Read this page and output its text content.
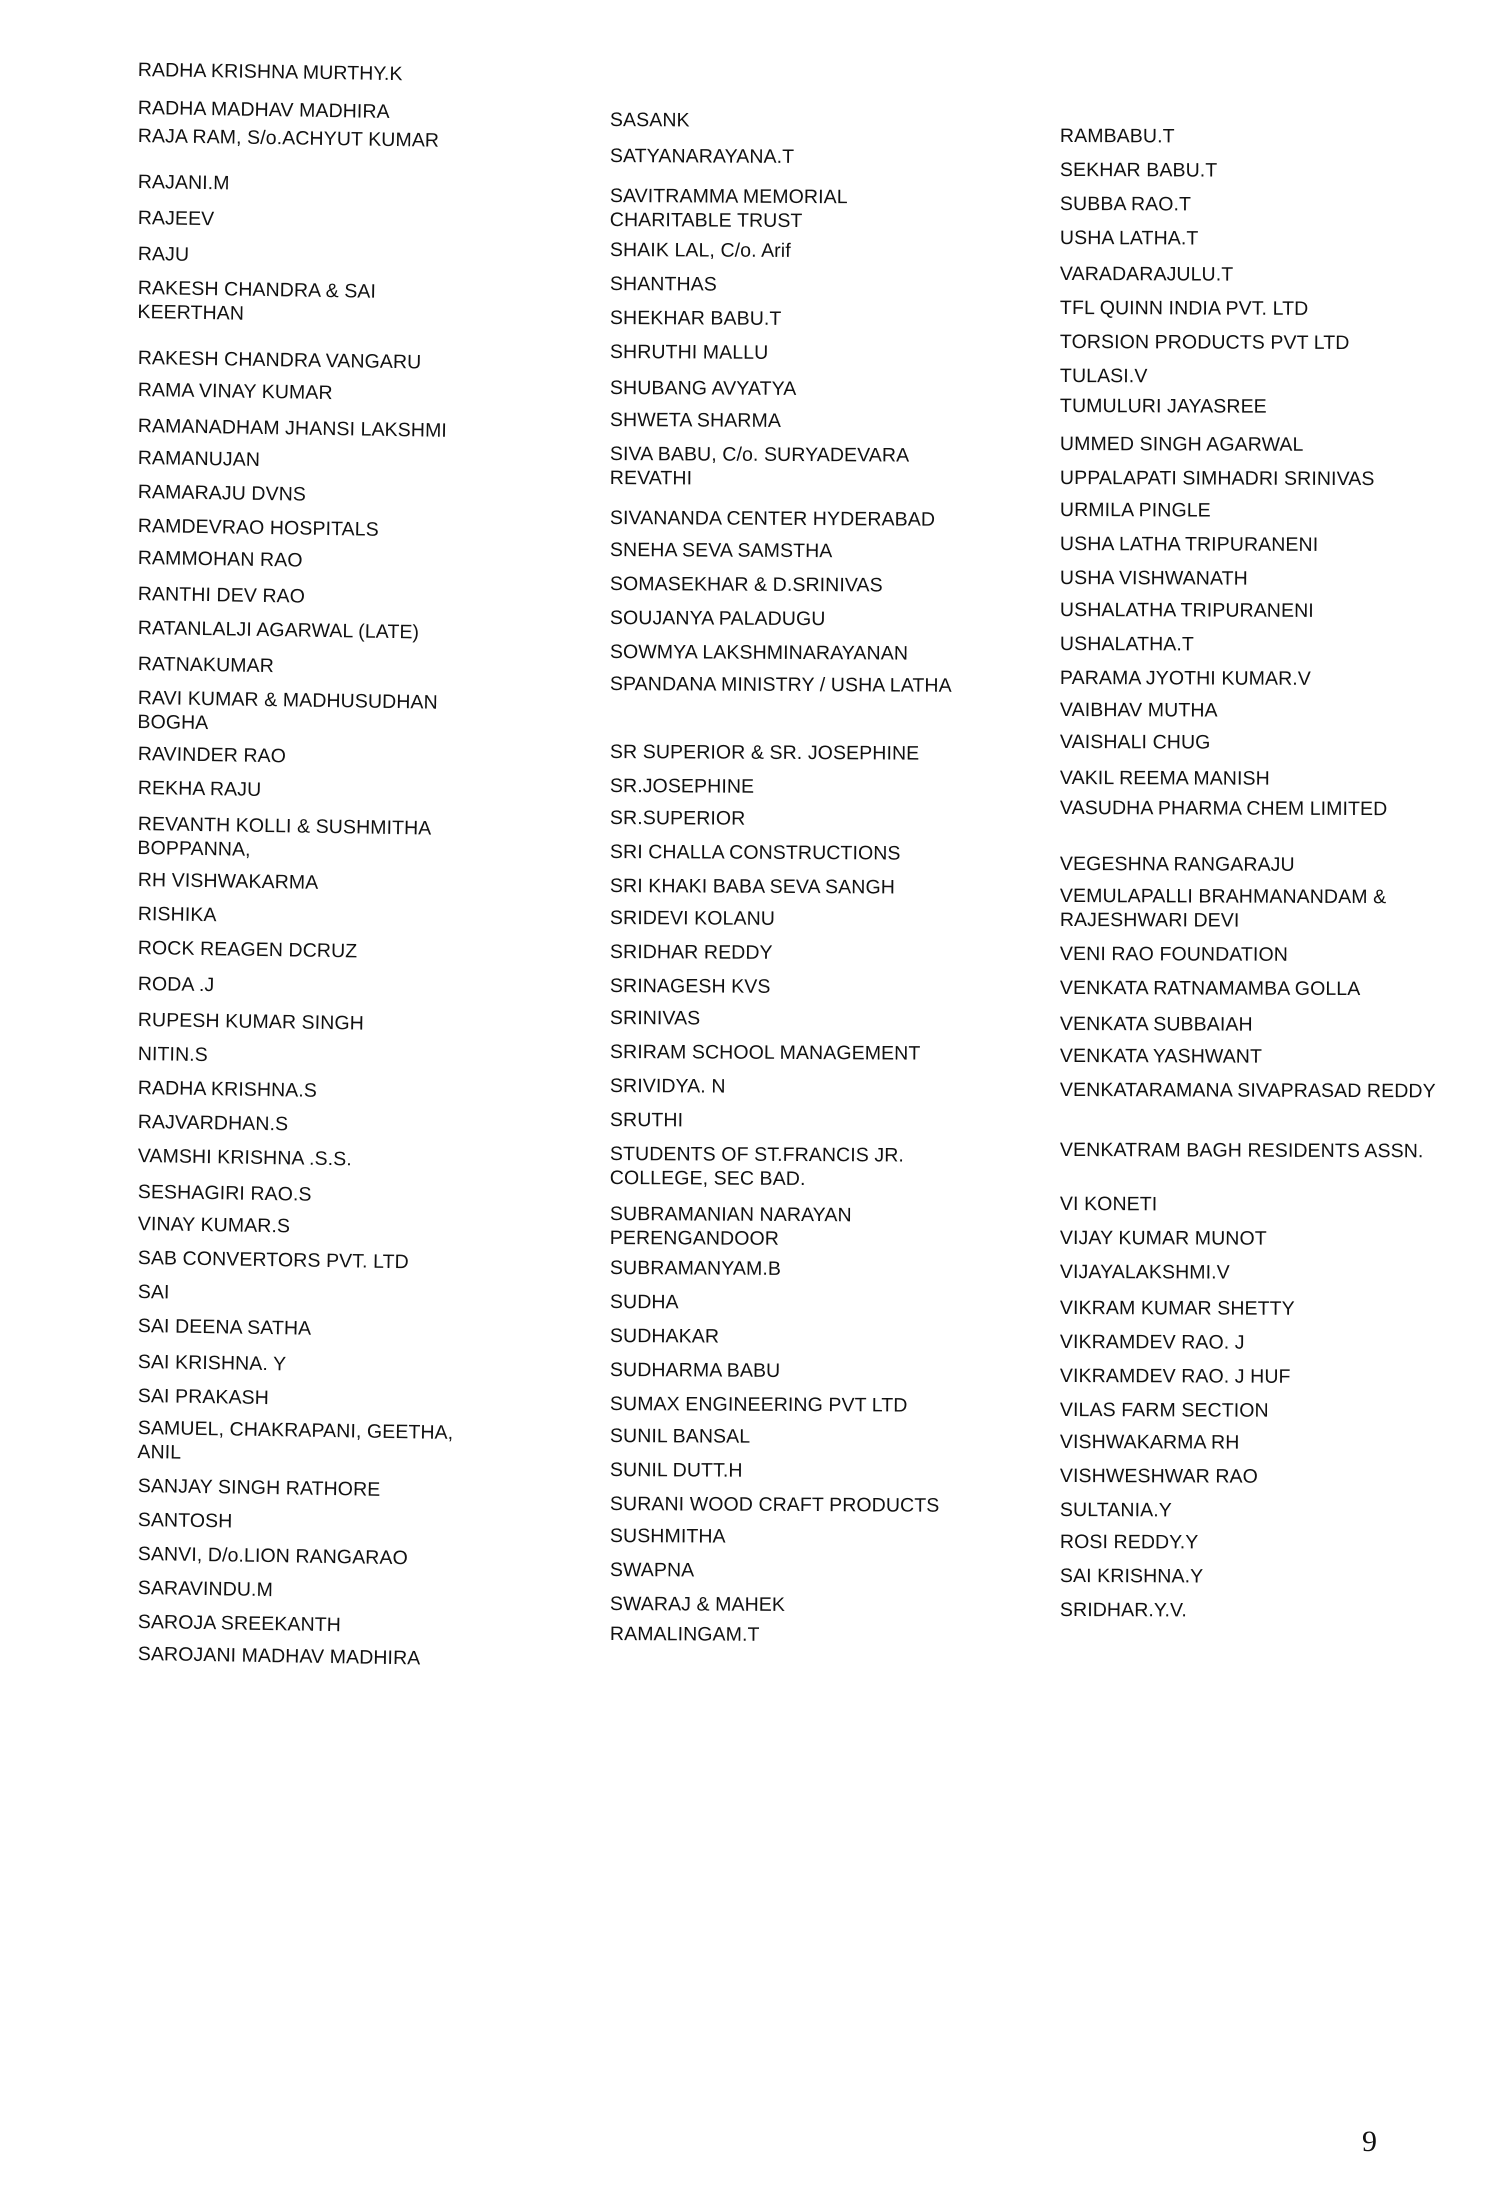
RADHA KRISHNA MURTHY.K
RADHA MADHAV MADHIRA
RAJA RAM, S/o.ACHYUT KUMAR
RAJANI.M
RAJEEV
RAJU
RAKESH CHANDRA & SAI KEERTHAN
RAKESH CHANDRA VANGARU
RAMA VINAY KUMAR
RAMANADHAM JHANSI LAKSHMI
RAMANUJAN
RAMARAJU DVNS
RAMDEVRAO HOSPITALS
RAMMOHAN RAO
RANTHI DEV RAO
RATANLALJI AGARWAL (LATE)
RATNAKUMAR
RAVI KUMAR & MADHUSUDHAN BOGHA
RAVINDER RAO
REKHA RAJU
REVANTH KOLLI & SUSHMITHA BOPPANNA,
RH VISHWAKARMA
RISHIKA
ROCK REAGEN DCRUZ
RODA .J
RUPESH KUMAR SINGH
NITIN.S
RADHA KRISHNA.S
RAJVARDHAN.S
VAMSHI KRISHNA .S.S.
SESHAGIRI RAO.S
VINAY KUMAR.S
SAB CONVERTORS PVT. LTD
SAI
SAI DEENA SATHA
SAI KRISHNA. Y
SAI PRAKASH
SAMUEL, CHAKRAPANI, GEETHA, ANIL
SANJAY SINGH RATHORE
SANTOSH
SANVI, D/o.LION RANGARAO
SARAVINDU.M
SAROJA SREEKANTH
SAROJANI MADHAV MADHIRA
SASANK
SATYANARAYANA.T
SAVITRAMMA MEMORIAL CHARITABLE TRUST
SHAIK LAL, C/o. Arif
SHANTHAS
SHEKHAR BABU.T
SHRUTHI MALLU
SHUBANG AVYATYA
SHWETA SHARMA
SIVA BABU, C/o. SURYADEVARA REVATHI
SIVANANDA CENTER HYDERABAD
SNEHA SEVA SAMSTHA
SOMASEKHAR & D.SRINIVAS
SOUJANYA PALADUGU
SOWMYA LAKSHMINARAYANAN
SPANDANA MINISTRY / USHA LATHA
SR SUPERIOR & SR. JOSEPHINE
SR.JOSEPHINE
SR.SUPERIOR
SRI CHALLA CONSTRUCTIONS
SRI KHAKI BABA SEVA SANGH
SRIDEVI KOLANU
SRIDHAR REDDY
SRINAGESH KVS
SRINIVAS
SRIRAM SCHOOL MANAGEMENT
SRIVIDYA. N
SRUTHI
STUDENTS OF ST.FRANCIS JR. COLLEGE, SEC BAD.
SUBRAMANIAN NARAYAN PERENGANDOOR
SUBRAMANYAM.B
SUDHA
SUDHAKAR
SUDHARMA BABU
SUMAX ENGINEERING PVT LTD
SUNIL BANSAL
SUNIL DUTT.H
SURANI WOOD CRAFT PRODUCTS
SUSHMITHA
SWAPNA
SWARAJ & MAHEK
RAMALINGAM.T
RAMBABU.T
SEKHAR BABU.T
SUBBA RAO.T
USHA LATHA.T
VARADARAJULU.T
TFL QUINN INDIA PVT. LTD
TORSION PRODUCTS PVT LTD
TULASI.V
TUMULURI JAYASREE
UMMED SINGH AGARWAL
UPPALAPATI SIMHADRI SRINIVAS
URMILA PINGLE
USHA LATHA TRIPURANENI
USHA VISHWANATH
USHALATHA TRIPURANENI
USHALATHA.T
PARAMA JYOTHI KUMAR.V
VAIBHAV MUTHA
VAISHALI CHUG
VAKIL REEMA MANISH
VASUDHA PHARMA CHEM LIMITED
VEGESHNA RANGARAJU
VEMULAPALLI BRAHMANANDAM & RAJESHWARI DEVI
VENI RAO FOUNDATION
VENKATA RATNAMAMBA GOLLA
VENKATA SUBBAIAH
VENKATA YASHWANT
VENKATARAMANA SIVAPRASAD REDDY
VENKATRAM BAGH RESIDENTS ASSN.
VI KONETI
VIJAY KUMAR MUNOT
VIJAYALAKSHMI.V
VIKRAM KUMAR SHETTY
VIKRAMDEV RAO. J
VIKRAMDEV RAO. J HUF
VILAS FARM SECTION
VISHWAKARMA RH
VISHWESHWAR RAO
SULTANIA.Y
ROSI REDDY.Y
SAI KRISHNA.Y
SRIDHAR.Y.V.
9
